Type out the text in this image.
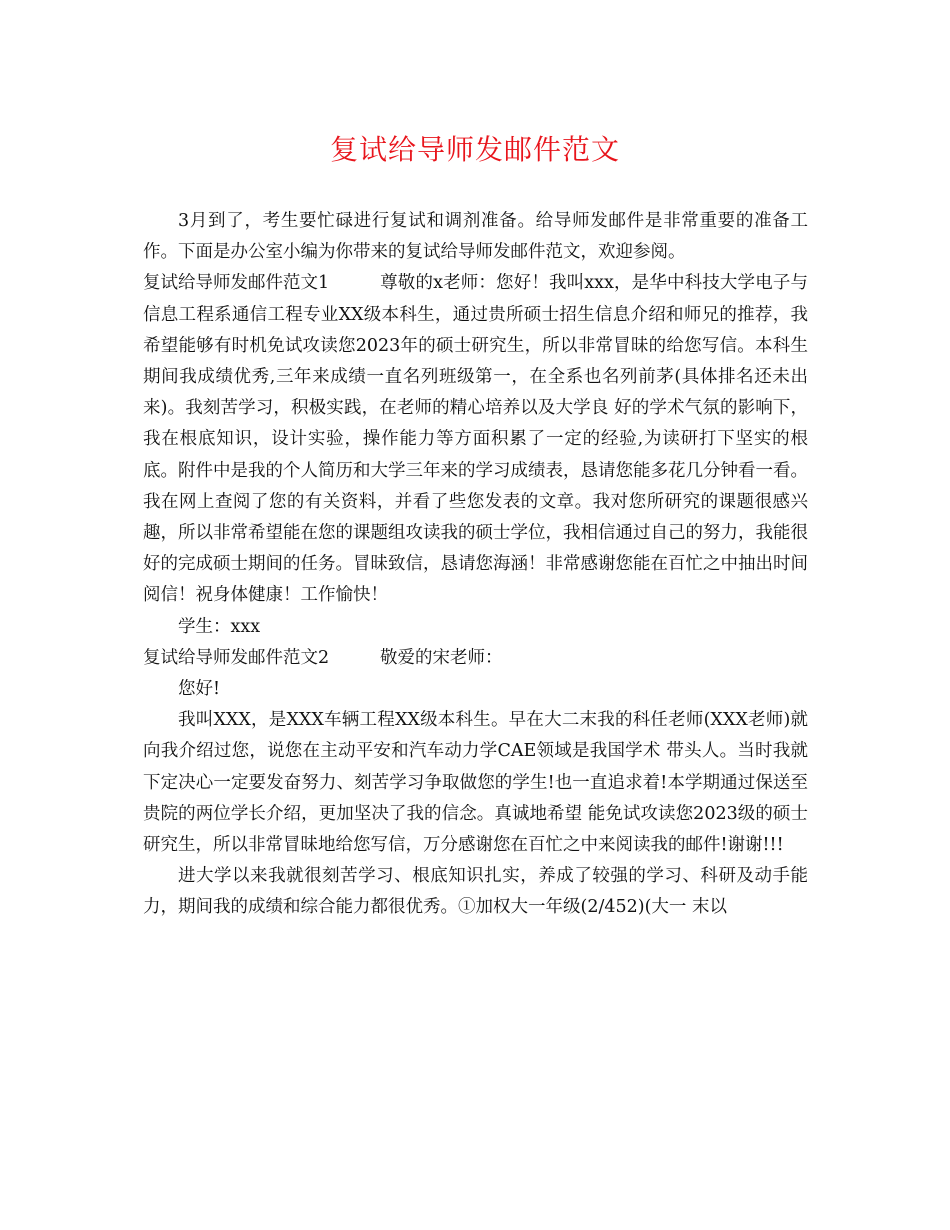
复试给导师发邮件范文

3月到了，考生要忙碌进行复试和调剂准备。给导师发邮件是非常重要的准备工作。下面是办公室小编为你带来的复试给导师发邮件范文，欢迎参阅。

复试给导师发邮件范文1	尊敬的x老师：您好！我叫xxx，是华中科技大学电子与信息工程系通信工程专业XX级本科生，通过贵所硕士招生信息介绍和师兄的推荐，我希望能够有时机免试攻读您2023年的硕士研究生，所以非常冒昧的给您写信。本科生期间我成绩优秀,三年来成绩一直名列班级第一，在全系也名列前茅(具体排名还未出来)。我刻苦学习，积极实践，在老师的精心培养以及大学良 好的学术气氛的影响下，我在根底知识，设计实验，操作能力等方面积累了一定的经验,为读研打下坚实的根底。附件中是我的个人简历和大学三年来的学习成绩表，恳请您能多花几分钟看一看。我在网上查阅了您的有关资料，并看了些您发表的文章。我对您所研究的课题很感兴趣，所以非常希望能在您的课题组攻读我的硕士学位，我相信通过自己的努力，我能很好的完成硕士期间的任务。冒昧致信，恳请您海涵！非常感谢您能在百忙之中抽出时间阅信！祝身体健康！工作愉快！

学生：xxx

复试给导师发邮件范文2	敬爱的宋老师：

您好!

我叫XXX，是XXX车辆工程XX级本科生。早在大二末我的科任老师(XXX老师)就向我介绍过您，说您在主动平安和汽车动力学CAE领域是我国学术 带头人。当时我就下定决心一定要发奋努力、刻苦学习争取做您的学生!也一直追求着!本学期通过保送至贵院的两位学长介绍，更加坚决了我的信念。真诚地希望 能免试攻读您2023级的硕士研究生，所以非常冒昧地给您写信，万分感谢您在百忙之中来阅读我的邮件!谢谢!!!

进大学以来我就很刻苦学习、根底知识扎实，养成了较强的学习、科研及动手能力，期间我的成绩和综合能力都很优秀。①加权大一年级(2/452)(大一 末以
